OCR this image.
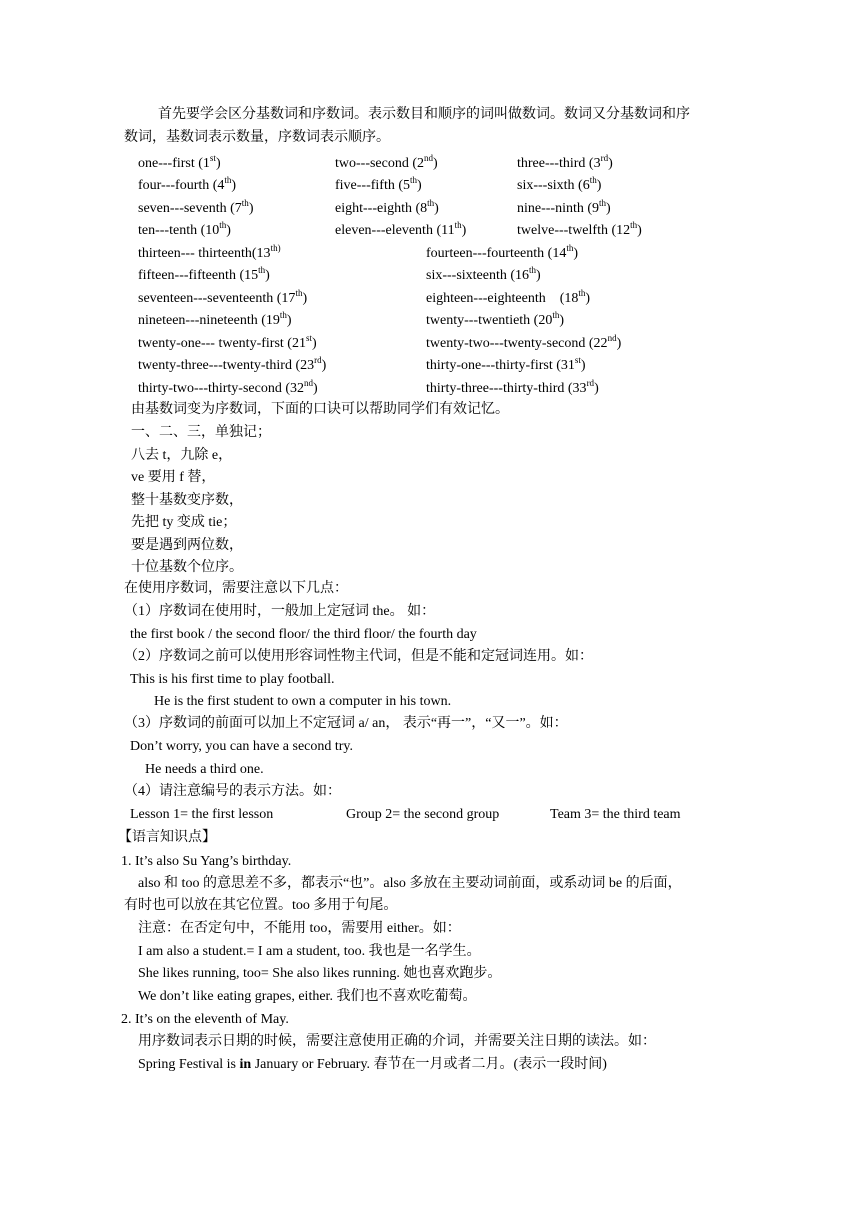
首先要学会区分基数词和序数词。表示数目和顺序的词叫做数词。数词又分基数词和序
数词，基数词表示数量，序数词表示顺序。
one---first (1st)	two---second (2nd)	three---third (3rd)
four---fourth (4th)	five---fifth (5th)	six---sixth (6th)
seven---seventh (7th)	eight---eighth (8th)	nine---ninth (9th)
ten---tenth (10th)	eleven---eleventh (11th)	twelve---twelfth (12th)
thirteen--- $thirteenth(13^{th)}$	fourteen---fourteenth (14th)
fifteen---fifteenth (15th)	six---sixteenth (16th)
seventeen---seventeenth (17th)	eighteen---eighteenth    (18th)
nineteen---nineteenth (19th)	twenty---twentieth (20th)
twenty-one--- twenty-first (21st)	twenty-two---twenty-second (22nd)
twenty-three---twenty-third (23rd)	thirty-one---thirty-first (31st)
thirty-two---thirty-second (32nd)	thirty-three---thirty-third (33rd)
由基数词变为序数词，下面的口诀可以帮助同学们有效记忆。
一、二、三，单独记；
八去 t，九除 e，
ve 要用 f 替，
整十基数变序数，
先把 ty 变成 tie；
要是遇到两位数，
十位基数个位序。
在使用序数词，需要注意以下几点：
（1）序数词在使用时，一般加上定冠词 the。 如：
the first book / the second floor/ the third floor/ the fourth day
（2）序数词之前可以使用形容词性物主代词，但是不能和定冠词连用。如：
This is his first time to play football.
He is the first student to own a computer in his town.
（3）序数词的前面可以加上不定冠词 a/ an， 表示“再一”，“又一”。如：
Don’t worry, you can have a second try.
He needs a third one.
（4）请注意编号的表示方法。如：
Lesson 1= the first lesson	Group 2= the second group	Team 3= the third team
【语言知识点】
1. It’s also Su Yang’s birthday.
also 和 too 的意思差不多，都表示“也”。also 多放在主要动词前面，或系动词 be 的后面，
有时也可以放在其它位置。too 多用于句尾。
注意：在否定句中，不能用 too，需要用 either。如：
I am also a student.= I am a student, too. 我也是一名学生。
She likes running, too= She also likes running. 她也喜欢跑步。
We don’t like eating grapes, either. 我们也不喜欢吃葡萄。
2. It’s on the eleventh of May.
用序数词表示日期的时候，需要注意使用正确的介词，并需要关注日期的读法。如：
Spring Festival is in January or February. 春节在一月或者二月。(表示一段时间)
